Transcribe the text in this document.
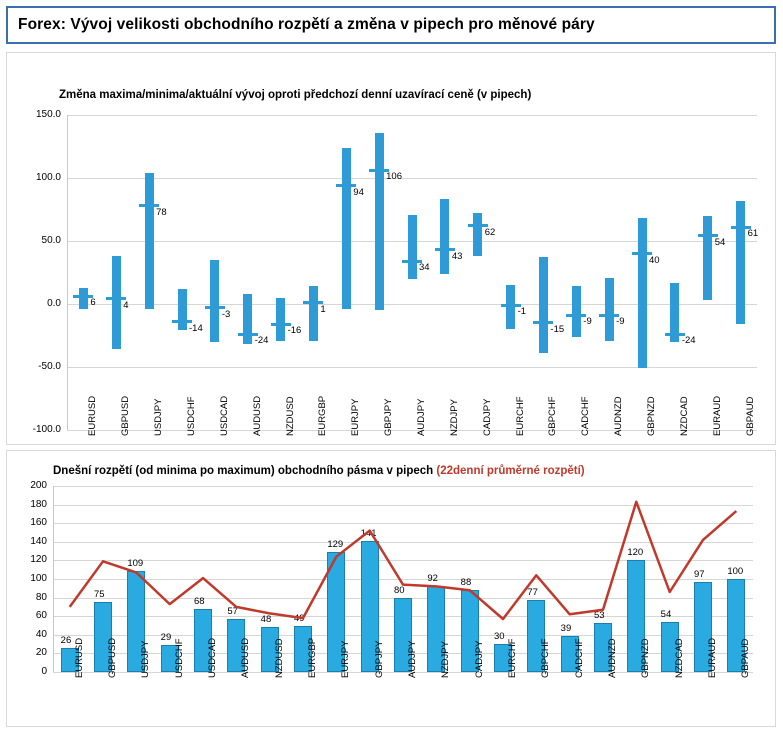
Forex: Vývoj velikosti obchodního rozpětí a změna v pipech pro měnové páry
Změna maxima/minima/aktuální vývoj oproti předchozí denní uzavírací ceně (v pipech)
-100.0
-50.0
0.0
50.0
100.0
150.0
6
EURUSD
4
GBPUSD
78
USDJPY
-14
USDCHF
-3
USDCAD
-24
AUDUSD
-16
NZDUSD
1
EURGBP
94
EURJPY
106
GBPJPY
34
AUDJPY
43
NZDJPY
62
CADJPY
-1
EURCHF
-15
GBPCHF
-9
CADCHF
-9
AUDNZD
40
GBPNZD
-24
NZDCAD
54
EURAUD
61
GBPAUD
Dnešní rozpětí (od minima po maximum) obchodního pásma v pipech (22denní průměrné rozpětí)
0
20
40
60
80
100
120
140
160
180
200
26 EURUSD
75
GBPUSD
109
USDJPY
29
USDCHF
68
USDCAD
57
AUDUSD
48
NZDUSD
49
EURGBP
129
EURJPY
141
GBPJPY
80
AUDJPY
92
NZDJPY
88
CADJPY
30
EURCHF
77
GBPCHF
39
CADCHF
53
AUDNZD
120
GBPNZD
54
NZDCAD
97
EURAUD
100
GBPAUD
